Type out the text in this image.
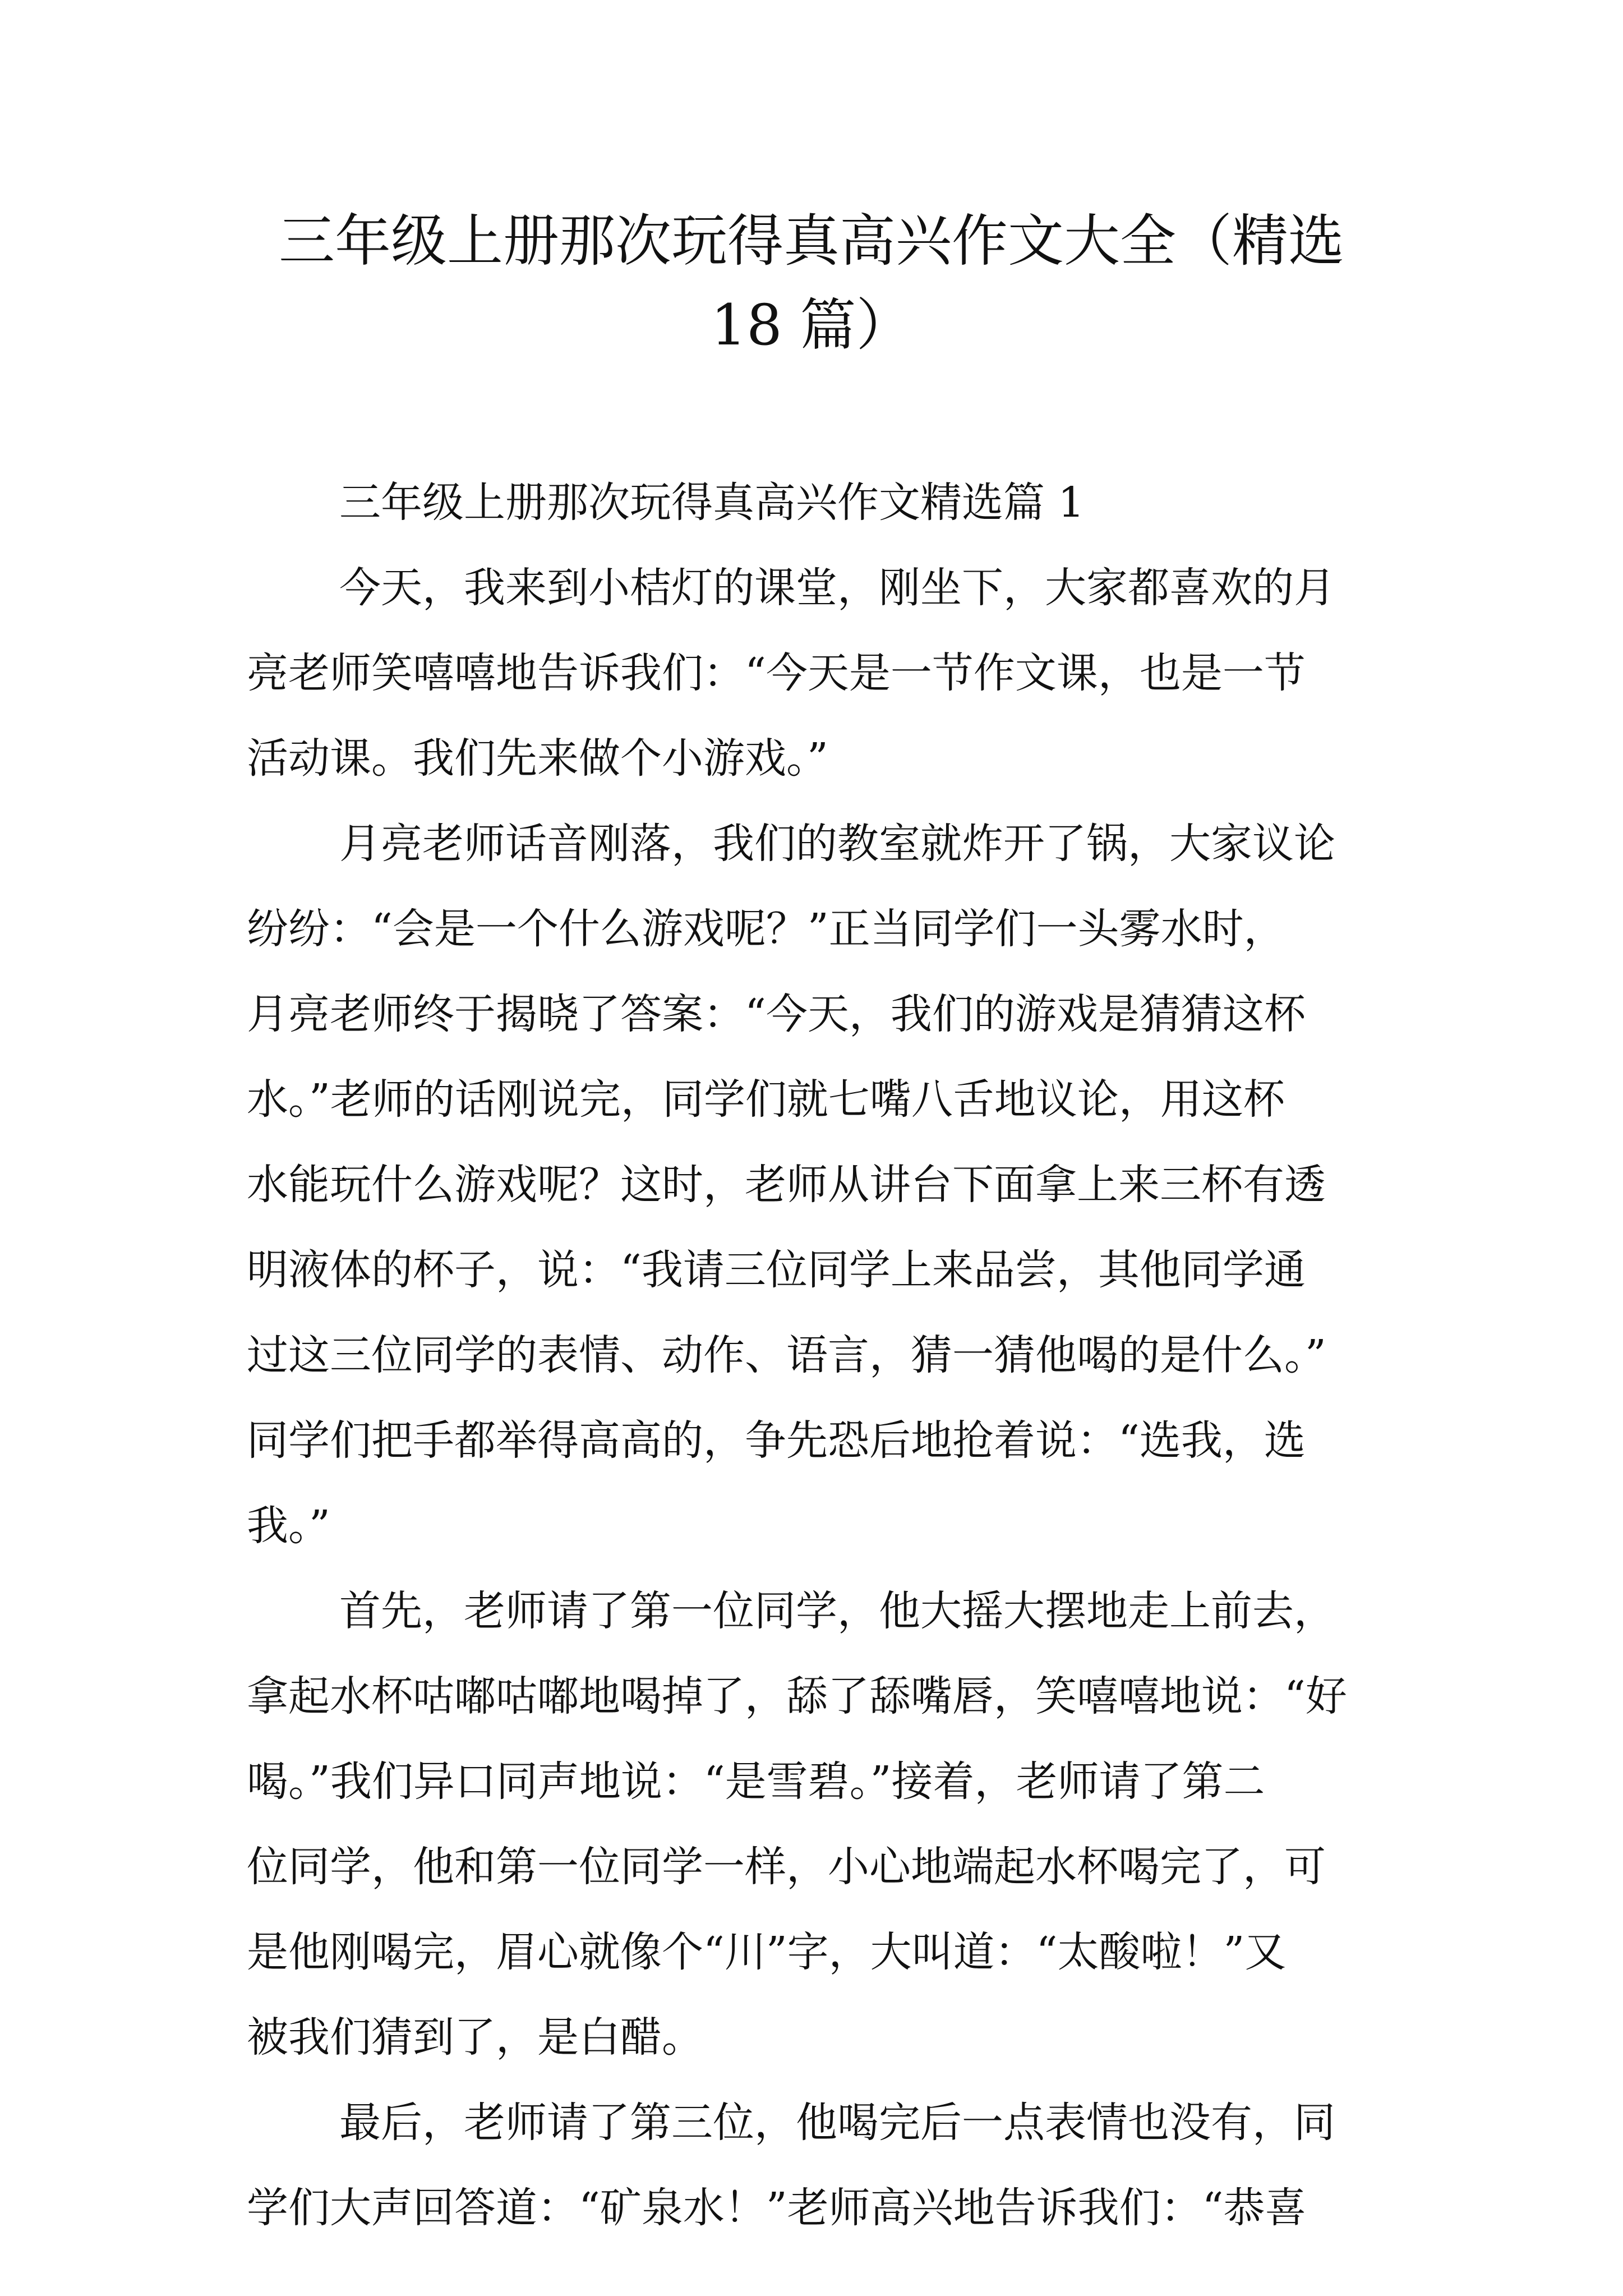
三年级上册那次玩得真高兴作文大全（精选
18 篇）
三年级上册那次玩得真高兴作文精选篇 1
今天，我来到小桔灯的课堂，刚坐下，大家都喜欢的月
亮老师笑嘻嘻地告诉我们：“今天是一节作文课，也是一节
活动课。我们先来做个小游戏。”
月亮老师话音刚落，我们的教室就炸开了锅，大家议论
纷纷：“会是一个什么游戏呢？”正当同学们一头雾水时，
月亮老师终于揭晓了答案：“今天，我们的游戏是猜猜这杯
水。”老师的话刚说完，同学们就七嘴八舌地议论，用这杯
水能玩什么游戏呢？这时，老师从讲台下面拿上来三杯有透
明液体的杯子，说：“我请三位同学上来品尝，其他同学通
过这三位同学的表情、动作、语言，猜一猜他喝的是什么。”
同学们把手都举得高高的，争先恐后地抢着说：“选我，选
我。”
首先，老师请了第一位同学，他大摇大摆地走上前去，
拿起水杯咕嘟咕嘟地喝掉了，舔了舔嘴唇，笑嘻嘻地说：“好
喝。”我们异口同声地说：“是雪碧。”接着，老师请了第二
位同学，他和第一位同学一样，小心地端起水杯喝完了，可
是他刚喝完，眉心就像个“川”字，大叫道：“太酸啦！”又
被我们猜到了，是白醋。
最后，老师请了第三位，他喝完后一点表情也没有，同
学们大声回答道：“矿泉水！”老师高兴地告诉我们：“恭喜
